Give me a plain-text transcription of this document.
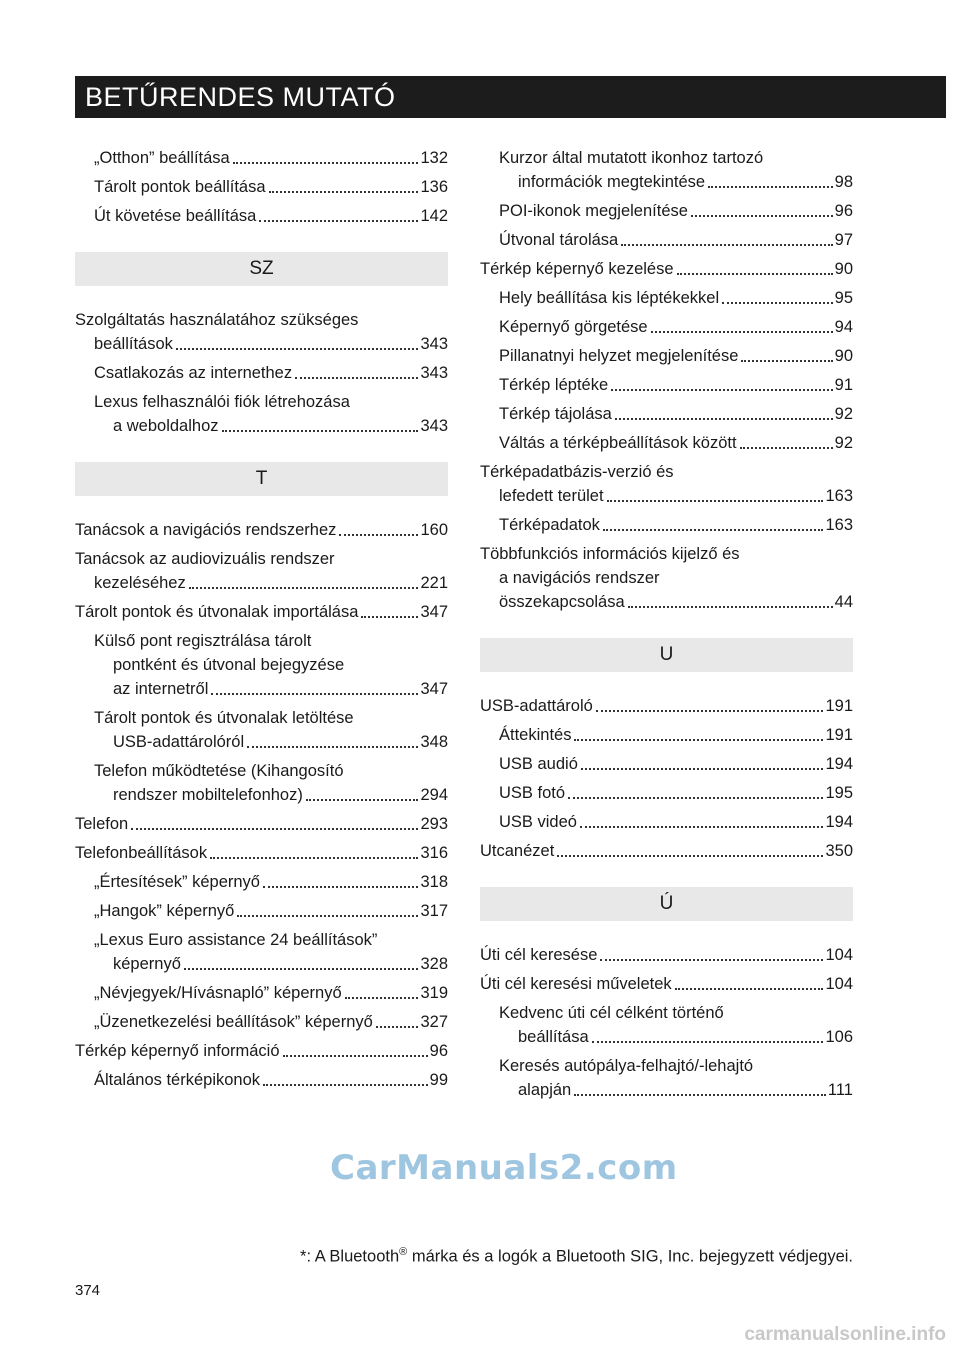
BETŰRENDES MUTATÓ
„Otthon” beállítása	132
Tárolt pontok beállítása	136
Út követése beállítása	142
SZ
Szolgáltatás használatához szükséges
beállítások	343
Csatlakozás az internethez	343
Lexus felhasználói fiók létrehozása
a weboldalhoz	343
T
Tanácsok a navigációs rendszerhez	160
Tanácsok az audiovizuális rendszer
kezeléséhez	221
Tárolt pontok és útvonalak importálása	347
Külső pont regisztrálása tárolt
pontként és útvonal bejegyzése
az internetről	347
Tárolt pontok és útvonalak letöltése
USB-adattárolóról	348
Telefon működtetése (Kihangosító
rendszer mobiltelefonhoz)	294
Telefon	293
Telefonbeállítások	316
„Értesítések” képernyő	318
„Hangok” képernyő	317
„Lexus Euro assistance 24 beállítások”
képernyő	328
„Névjegyek/Hívásnapló” képernyő	319
„Üzenetkezelési beállítások” képernyő	327
Térkép képernyő információ	96
Általános térképikonok	99
Kurzor által mutatott ikonhoz tartozó
információk megtekintése	98
POI-ikonok megjelenítése	96
Útvonal tárolása	97
Térkép képernyő kezelése	90
Hely beállítása kis léptékekkel	95
Képernyő görgetése	94
Pillanatnyi helyzet megjelenítése	90
Térkép léptéke	91
Térkép tájolása	92
Váltás a térképbeállítások között	92
Térképadatbázis-verzió és
lefedett terület	163
Térképadatok	163
Többfunkciós információs kijelző és
a navigációs rendszer
összekapcsolása	44
U
USB-adattároló	191
Áttekintés	191
USB audió	194
USB fotó	195
USB videó	194
Utcanézet	350
Ú
Úti cél keresése	104
Úti cél keresési műveletek	104
Kedvenc úti cél célként történő
beállítása	106
Keresés autópálya-felhajtó/-lehajtó
alapján	111
CarManuals2.com
*: A Bluetooth® márka és a logók a Bluetooth SIG, Inc. bejegyzett védjegyei.
374
carmanualsonline.info
